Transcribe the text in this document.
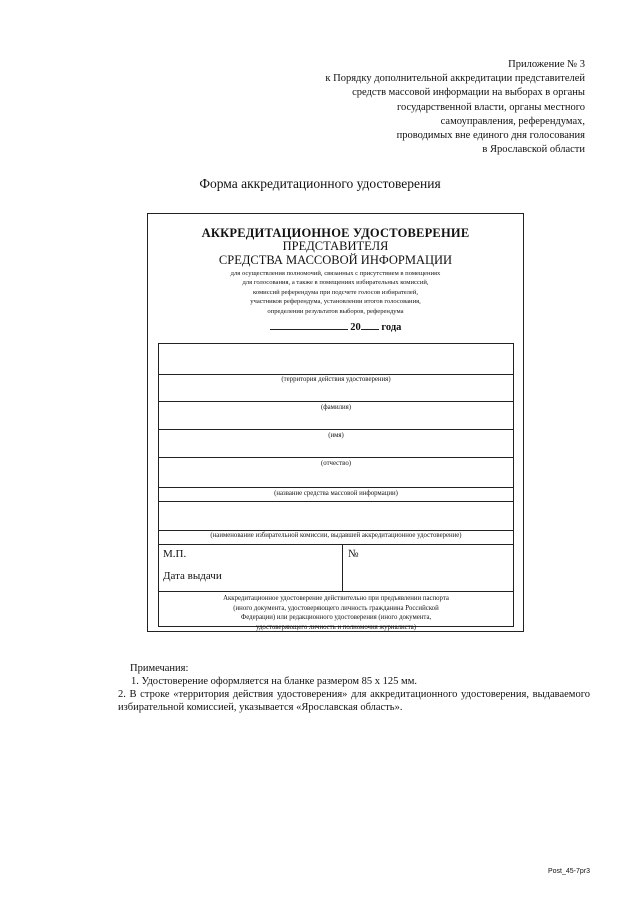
Приложение № 3
к Порядку дополнительной аккредитации представителей
средств массовой информации на выборах в органы
государственной власти, органы местного
самоуправления, референдумах,
проводимых вне единого дня голосования
в Ярославской области
Форма аккредитационного удостоверения
АККРЕДИТАЦИОННОЕ УДОСТОВЕРЕНИЕ
ПРЕДСТАВИТЕЛЯ
СРЕДСТВА МАССОВОЙ ИНФОРМАЦИИ
для осуществления полномочий, связанных с присутствием в помещениях
для голосования, а также в помещениях избирательных комиссий,
комиссий референдума при подсчете голосов избирателей,
участников референдума, установлении итогов голосования,
определении результатов выборов, референдума
20 года
(территория действия удостоверения)
(фамилия)
(имя)
(отчество)
(название средства массовой информации)
(наименование избирательной комиссии, выдавшей аккредитационное удостоверение)
М.П.
Дата выдачи
№
Аккредитационное удостоверение действительно при предъявлении паспорта
(иного документа, удостоверяющего личность гражданина Российской
Федерации) или редакционного удостоверения (иного документа,
удостоверяющего личность и полномочия журналиста)
Примечания:
1. Удостоверение оформляется на бланке размером 85 x 125 мм.
2. В строке «территория действия удостоверения» для аккредитационного удостоверения, выдаваемого избирательной комиссией, указывается «Ярославская область».
Post_45-7pr3
